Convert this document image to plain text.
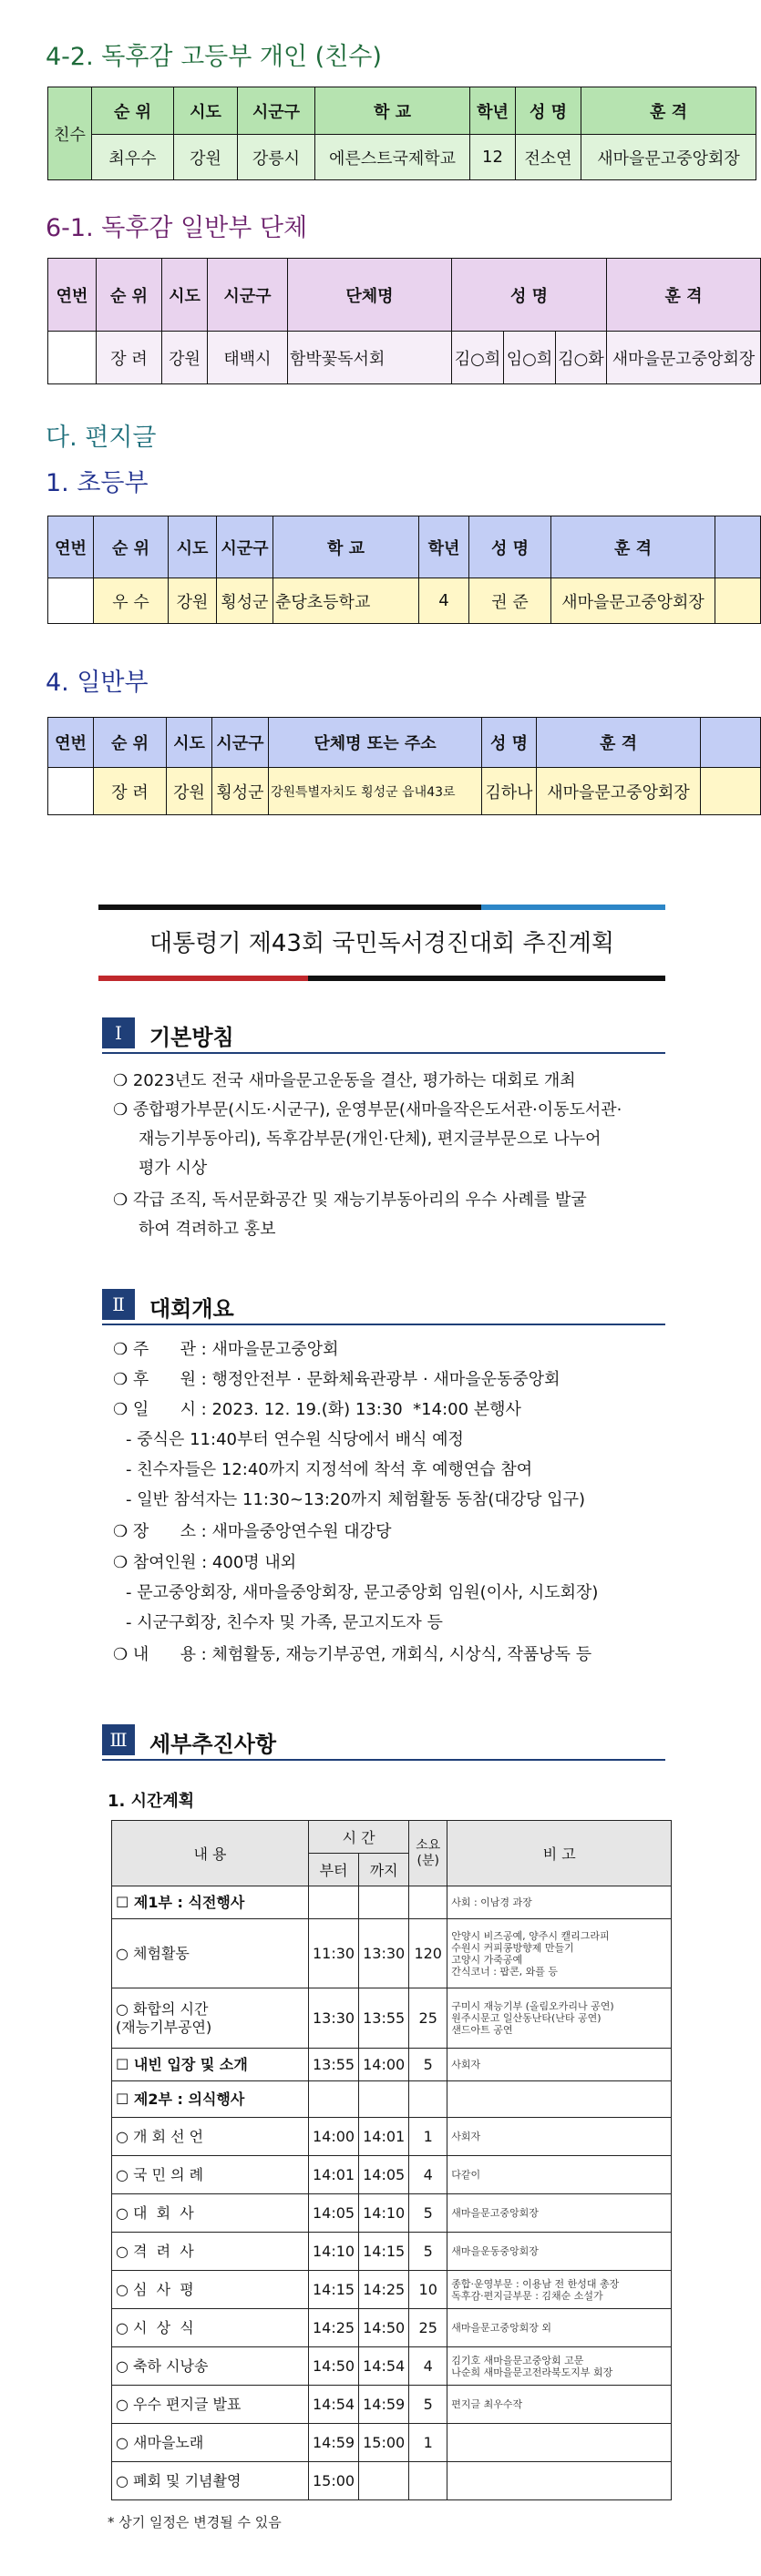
4-2. 독후감 고등부 개인 (친수)
친수	순 위	시도	시군구	학 교	학년	성 명	훈 격
	최우수	강원	강릉시	에른스트국제학교	12	전소연	새마을문고중앙회장
6-1. 독후감 일반부 단체
연번	순 위	시도	시군구	단체명	성 명			훈 격
	장 려	강원	태백시	함박꽃독서회	김○희	임○희	김○화	새마을문고중앙회장
다. 편지글
1. 초등부
연번	순 위	시도	시군구	학 교	학년	성 명	훈 격	
	우 수	강원	횡성군	춘당초등학교	4	권 준	새마을문고중앙회장	
4. 일반부
연번	순 위	시도	시군구	단체명 또는 주소	성 명	훈 격	
	장 려	강원	횡성군	강원특별자치도 횡성군 읍내43로	김하나	새마을문고중앙회장	
대통령기 제43회 국민독서경진대회 추진계획
Ⅰ	기본방침
❍ 2023년도 전국 새마을문고운동을 결산, 평가하는 대회로 개최
❍ 종합평가부문(시도·시군구), 운영부문(새마을작은도서관·이동도서관·
재능기부동아리), 독후감부문(개인·단체), 편지글부문으로 나누어
평가 시상
❍ 각급 조직, 독서문화공간 및 재능기부동아리의 우수 사례를 발굴
하여 격려하고 홍보
Ⅱ	대회개요
❍ 주      관 : 새마을문고중앙회
❍ 후      원 : 행정안전부 · 문화체육관광부 · 새마을운동중앙회
❍ 일      시 : 2023. 12. 19.(화) 13:30  *14:00 본행사
- 중식은 11:40부터 연수원 식당에서 배식 예정
- 친수자들은 12:40까지 지정석에 착석 후 예행연습 참여
- 일반 참석자는 11:30~13:20까지 체험활동 동참(대강당 입구)
❍ 장      소 : 새마을중앙연수원 대강당
❍ 참여인원 : 400명 내외
- 문고중앙회장, 새마을중앙회장, 문고중앙회 임원(이사, 시도회장)
- 시군구회장, 친수자 및 가족, 문고지도자 등
❍ 내      용 : 체험활동, 재능기부공연, 개회식, 시상식, 작품낭독 등
Ⅲ	세부추진사항
1. 시간계획
내 용	시 간		소요 (분)	비 고
	부터	까지		
☐ 제1부 : 식전행사				사회 : 이남경 과장
○ 체험활동	11:30	13:30	120	안양시 비즈공예, 양주시 캘리그라피
수원시 커피콩방향제 만들기
고양시 가죽공예
간식코너 : 팝콘, 와플 등
○ 화합의 시간
(재능기부공연)	13:30	13:55	25	구미시 재능기부 (올림오카리나 공연)
원주시문고 일산동난타(난타 공연)
샌드아트 공연
☐ 내빈 입장 및 소개	13:55	14:00	5	사회자
☐ 제2부 : 의식행사				
○ 개 회 선 언	14:00	14:01	1	사회자
○ 국 민 의 례	14:01	14:05	4	다같이
○ 대  회  사	14:05	14:10	5	새마을문고중앙회장
○ 격  려  사	14:10	14:15	5	새마을운동중앙회장
○ 심  사  평	14:15	14:25	10	종합·운영부문 : 이용남 전 한성대 총장
독후감·편지글부문 : 김채순 소설가
○ 시  상  식	14:25	14:50	25	새마을문고중앙회장 외
○ 축하 시낭송	14:50	14:54	4	김기호 새마을문고중앙회 고문
나순희 새마을문고전라북도지부 회장
○ 우수 편지글 발표	14:54	14:59	5	편지글 최우수작
○ 새마을노래	14:59	15:00	1	
○ 폐회 및 기념촬영	15:00			
* 상기 일정은 변경될 수 있음
